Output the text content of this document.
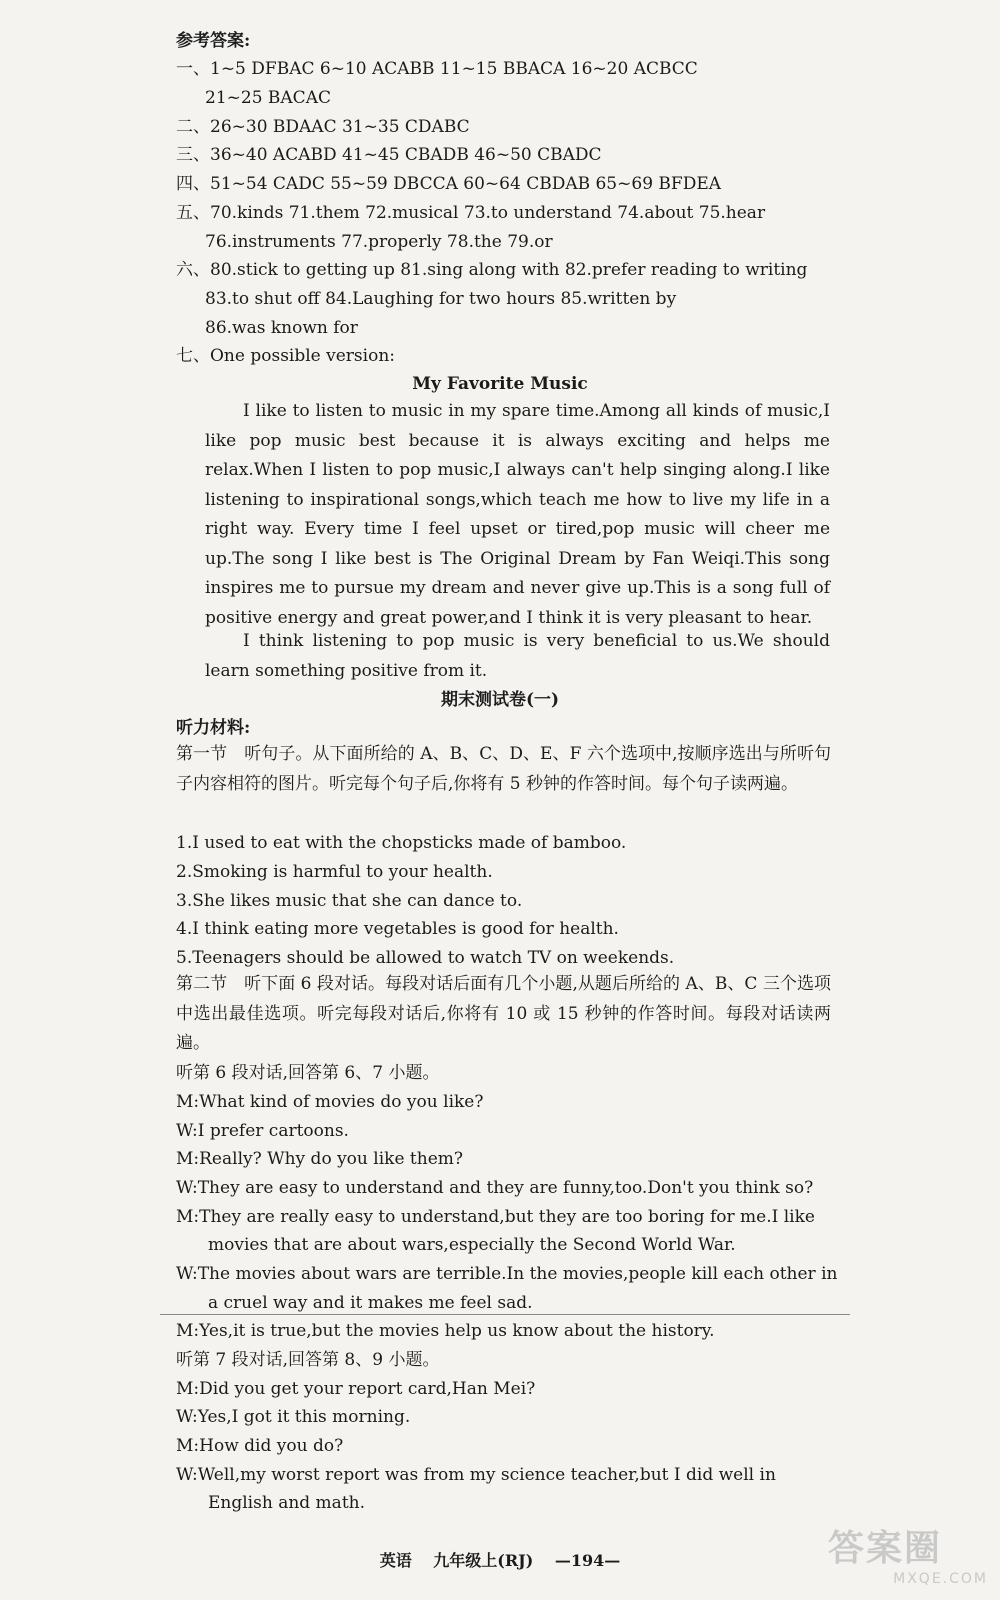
参考答案:
一、1~5 DFBAC 6~10 ACABB 11~15 BBACA 16~20 ACBCC
21~25 BACAC
二、26~30 BDAAC 31~35 CDABC
三、36~40 ACABD 41~45 CBADB 46~50 CBADC
四、51~54 CADC 55~59 DBCCA 60~64 CBDAB 65~69 BFDEA
五、70.kinds 71.them 72.musical 73.to understand 74.about 75.hear
76.instruments 77.properly 78.the 79.or
六、80.stick to getting up 81.sing along with 82.prefer reading to writing
83.to shut off 84.Laughing for two hours 85.written by
86.was known for
七、One possible version:
My Favorite Music
I like to listen to music in my spare time.Among all kinds of music,I like pop music best because it is always exciting and helps me relax.When I listen to pop music,I always can't help singing along.I like listening to inspirational songs,which teach me how to live my life in a right way. Every time I feel upset or tired,pop music will cheer me up.The song I like best is The Original Dream by Fan Weiqi.This song inspires me to pursue my dream and never give up.This is a song full of positive energy and great power,and I think it is very pleasant to hear.
I think listening to pop music is very beneficial to us.We should learn something positive from it.
期末测试卷(一)
听力材料:
第一节　听句子。从下面所给的 A、B、C、D、E、F 六个选项中,按顺序选出与所听句子内容相符的图片。听完每个句子后,你将有 5 秒钟的作答时间。每个句子读两遍。
1.I used to eat with the chopsticks made of bamboo.
2.Smoking is harmful to your health.
3.She likes music that she can dance to.
4.I think eating more vegetables is good for health.
5.Teenagers should be allowed to watch TV on weekends.
第二节　听下面 6 段对话。每段对话后面有几个小题,从题后所给的 A、B、C 三个选项中选出最佳选项。听完每段对话后,你将有 10 或 15 秒钟的作答时间。每段对话读两遍。
听第 6 段对话,回答第 6、7 小题。
M:What kind of movies do you like?
W:I prefer cartoons.
M:Really? Why do you like them?
W:They are easy to understand and they are funny,too.Don't you think so?
M:They are really easy to understand,but they are too boring for me.I like
movies that are about wars,especially the Second World War.
W:The movies about wars are terrible.In the movies,people kill each other in
a cruel way and it makes me feel sad.
M:Yes,it is true,but the movies help us know about the history.
听第 7 段对话,回答第 8、9 小题。
M:Did you get your report card,Han Mei?
W:Yes,I got it this morning.
M:How did you do?
W:Well,my worst report was from my science teacher,but I did well in
English and math.
英语 九年级上(RJ) —194—	答案圈
MXQE.COM
